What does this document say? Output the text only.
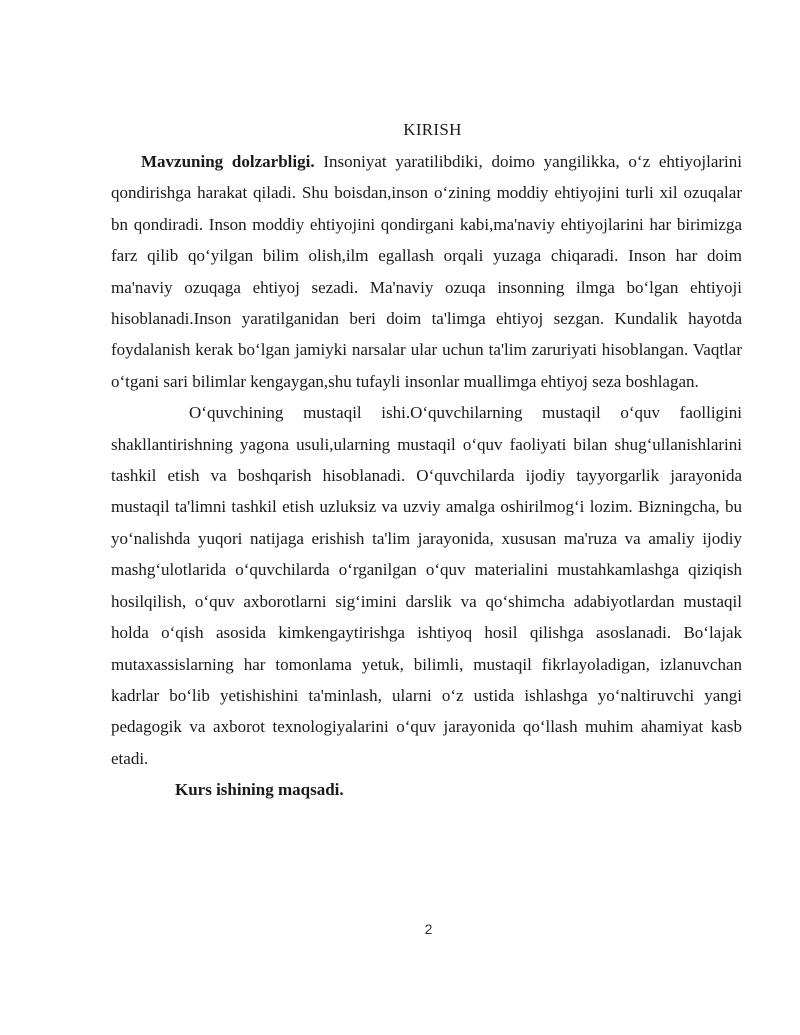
KIRISH

Mavzuning dolzarbligi. Insoniyat yaratilibdiki, doimo yangilikka, o‘z ehtiyojlarini qondirishga harakat qiladi. Shu boisdan,inson o‘zining moddiy ehtiyojini turli xil ozuqalar bn qondiradi. Inson moddiy ehtiyojini qondirgani kabi,ma'naviy ehtiyojlarini har birimizga farz qilib qo‘yilgan bilim olish,ilm egallash orqali yuzaga chiqaradi. Inson har doim ma'naviy ozuqaga ehtiyoj sezadi. Ma'naviy ozuqa insonning ilmga bo‘lgan ehtiyoji hisoblanadi.Inson yaratilganidan beri doim ta'limga ehtiyoj sezgan. Kundalik hayotda foydalanish kerak bo‘lgan jamiyki narsalar ular uchun ta'lim zaruriyati hisoblangan. Vaqtlar o‘tgani sari bilimlar kengaygan,shu tufayli insonlar muallimga ehtiyoj seza boshlagan.

O‘quvchining mustaqil ishi.O‘quvchilarning mustaqil o‘quv faolligini shakllantirishning yagona usuli,ularning mustaqil o‘quv faoliyati bilan shug‘ullanishlarini tashkil etish va boshqarish hisoblanadi. O‘quvchilarda ijodiy tayyorgarlik jarayonida mustaqil ta'limni tashkil etish uzluksiz va uzviy amalga oshirilmog‘i lozim. Bizningcha, bu yo‘nalishda yuqori natijaga erishish ta'lim jarayonida, xususan ma'ruza va amaliy ijodiy mashg‘ulotlarida o‘quvchilarda o‘rganilgan o‘quv materialini mustahkamlashga qiziqish hosilqilish, o‘quv axborotlarni sig‘imini darslik va qo‘shimcha adabiyotlardan mustaqil holda o‘qish asosida kimkengaytirishga ishtiyoq hosil qilishga asoslanadi. Bo‘lajak mutaxassislarning har tomonlama yetuk, bilimli, mustaqil fikrlayoladigan, izlanuvchan kadrlar bo‘lib yetishishini ta'minlash, ularni o‘z ustida ishlashga yo‘naltiruvchi yangi pedagogik va axborot texnologiyalarini o‘quv jarayonida qo‘llash muhim ahamiyat kasb etadi.

Kurs ishining maqsadi.

2
